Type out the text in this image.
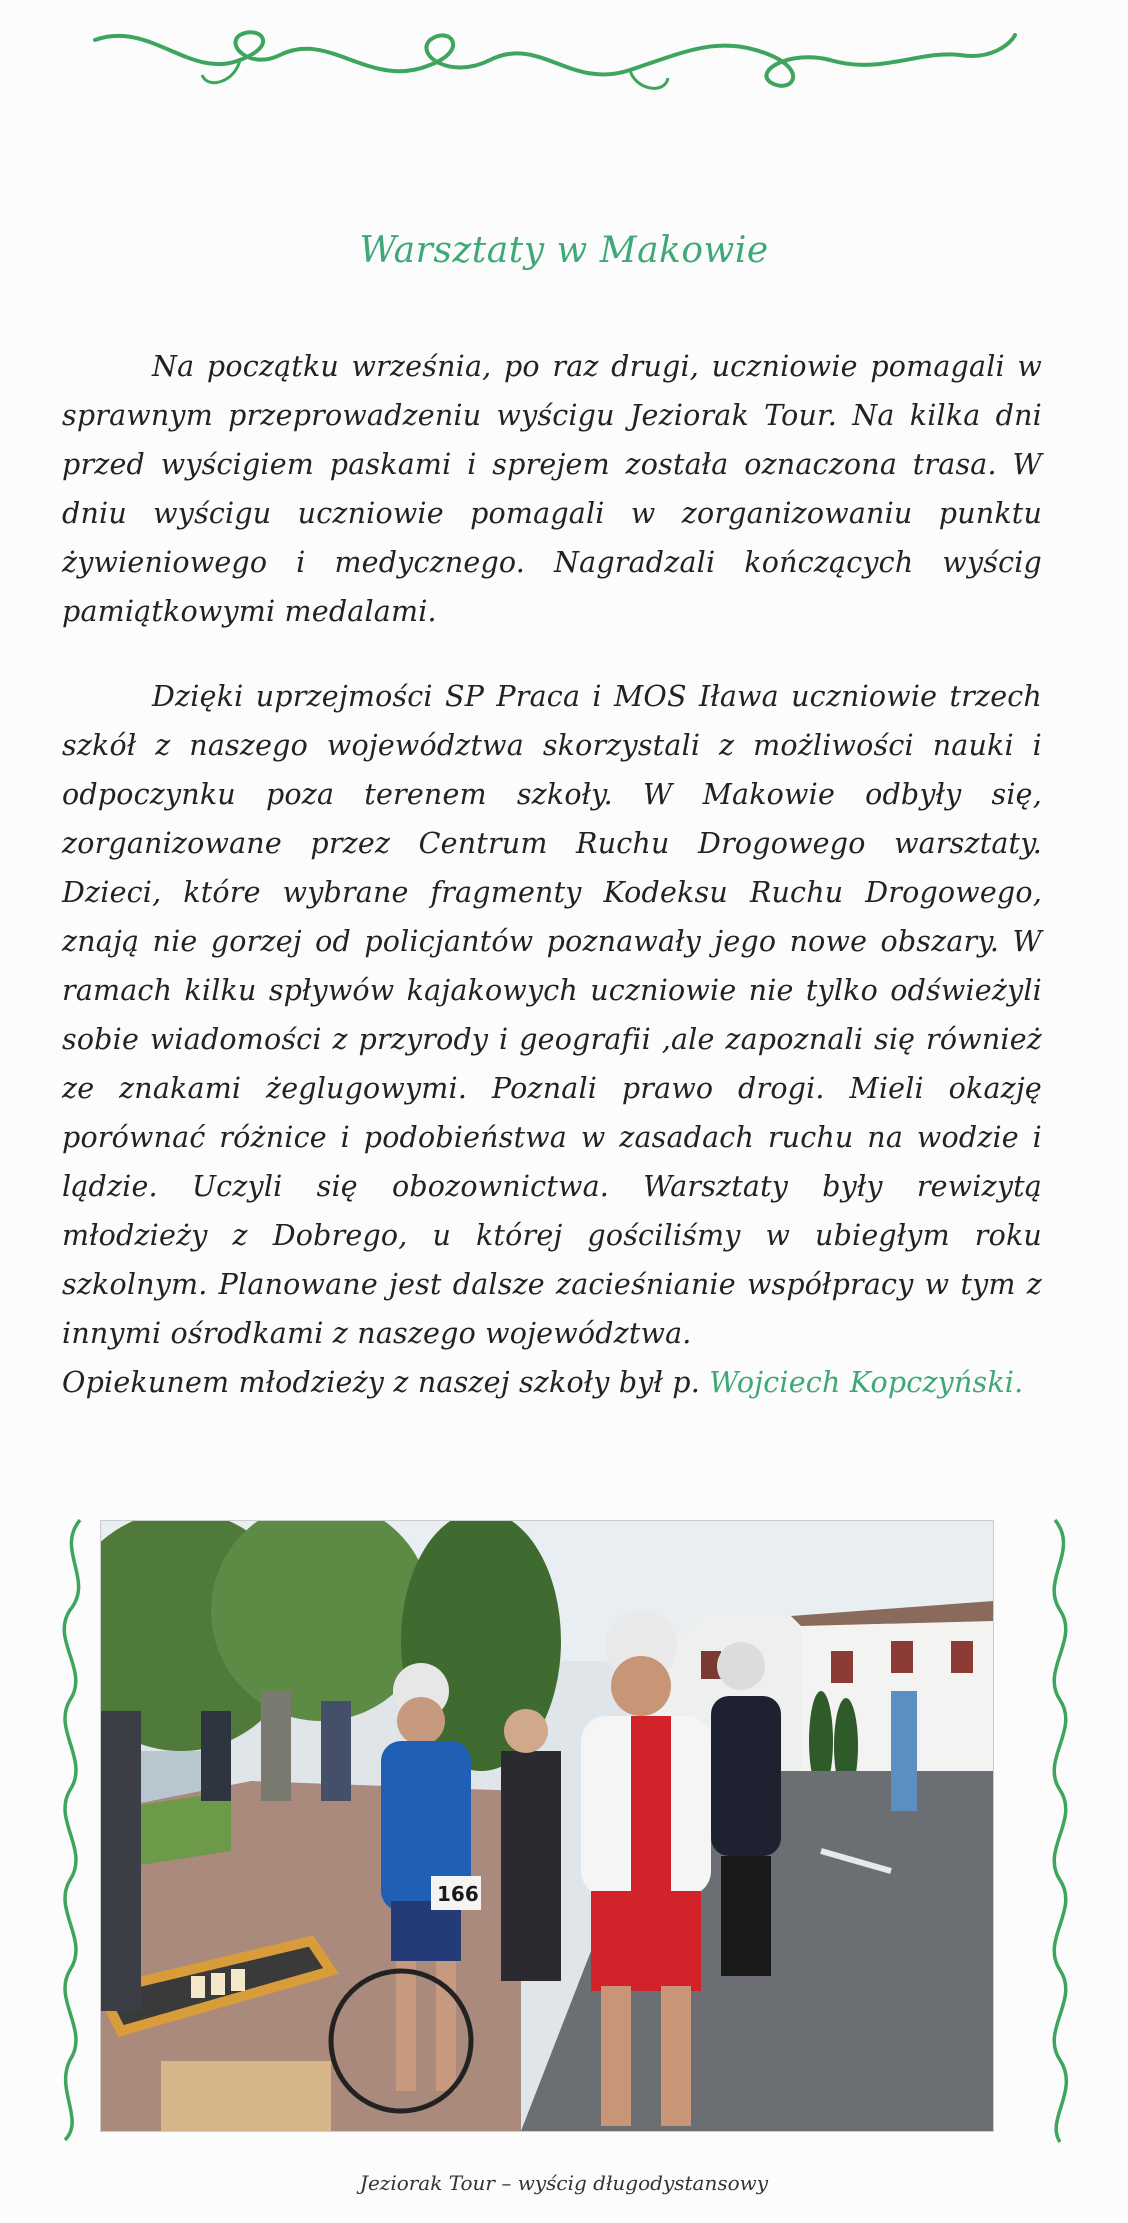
Warsztaty w Makowie
Na początku września, po raz drugi, uczniowie pomagali w sprawnym przeprowadzeniu wyścigu Jeziorak Tour. Na kilka dni przed wyścigiem paskami i sprejem została oznaczona trasa. W dniu wyścigu uczniowie pomagali w zorganizowaniu punktu żywieniowego i medycznego. Nagradzali kończących wyścig pamiątkowymi medalami.
Dzięki uprzejmości SP Praca i MOS Iława uczniowie trzech szkół z naszego województwa skorzystali z możliwości nauki i odpoczynku poza terenem szkoły. W Makowie odbyły się, zorganizowane przez Centrum Ruchu Drogowego warsztaty. Dzieci, które wybrane fragmenty Kodeksu Ruchu Drogowego, znają nie gorzej od policjantów poznawały jego nowe obszary. W ramach kilku spływów kajakowych uczniowie nie tylko odświeżyli sobie wiadomości z przyrody i geografii ,ale zapoznali się również ze znakami żeglugowymi. Poznali prawo drogi. Mieli okazję porównać różnice i podobieństwa w zasadach ruchu na wodzie i lądzie. Uczyli się obozownictwa. Warsztaty były rewizytą młodzieży z Dobrego, u której gościliśmy w ubiegłym roku szkolnym. Planowane jest dalsze zacieśnianie współpracy w tym z innymi ośrodkami z naszego województwa.
Opiekunem młodzieży z naszej szkoły był p. Wojciech Kopczyński.
166
Jeziorak Tour – wyścig długodystansowy
